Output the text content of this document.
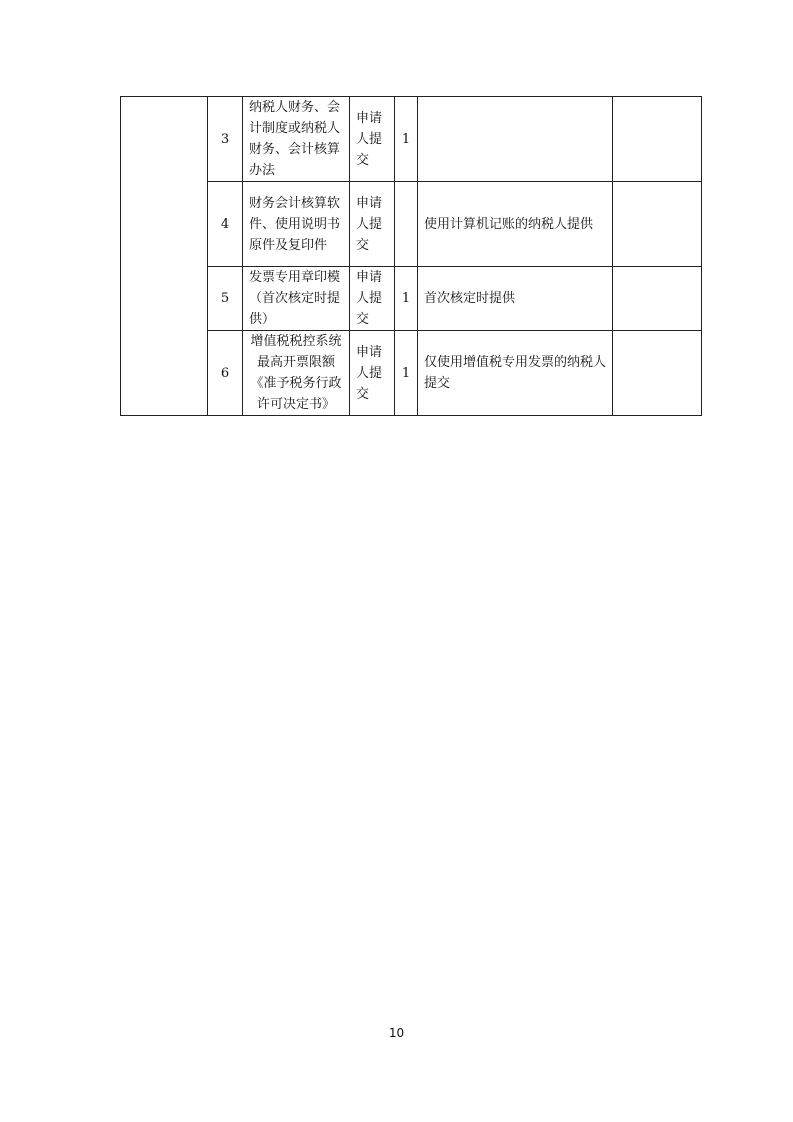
	3	纳税人财务、会计制度或纳税人财务、会计核算办法	申请人提交	1		
	4	财务会计核算软件、使用说明书原件及复印件	申请人提交		使用计算机记账的纳税人提供	
	5	发票专用章印模（首次核定时提供）	申请人提交	1	首次核定时提供	
	6	增值税税控系统最高开票限额《准予税务行政许可决定书》	申请人提交	1	仅使用增值税专用发票的纳税人提交	
10
